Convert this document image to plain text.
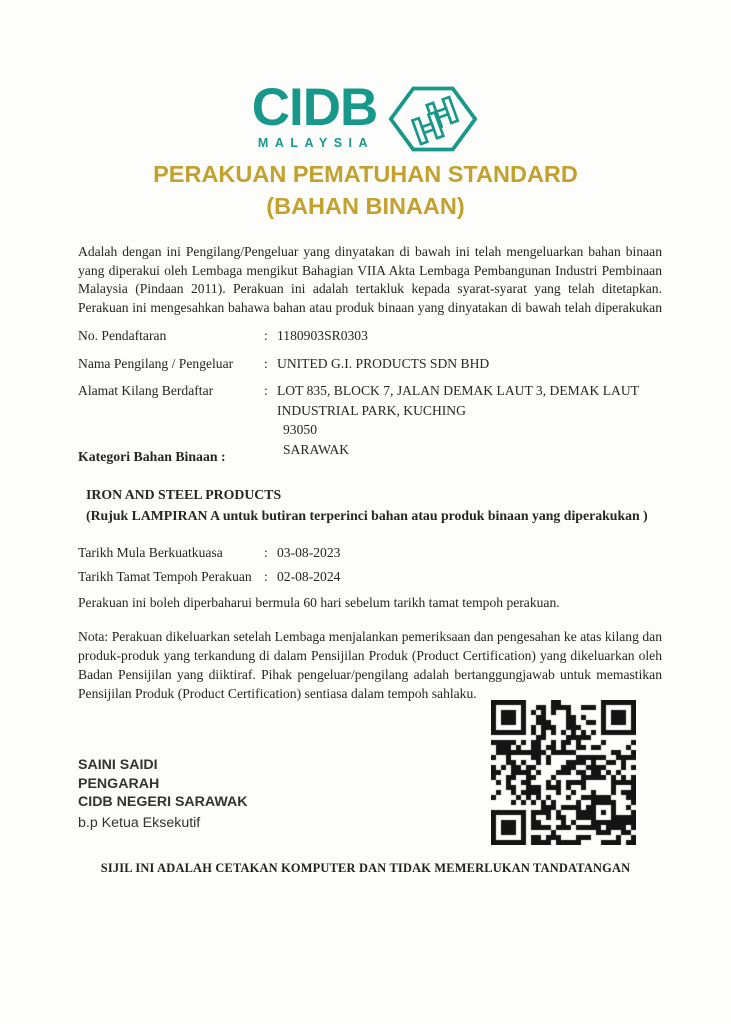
CIDB
MALAYSIA
PERAKUAN PEMATUHAN STANDARD
(BAHAN BINAAN)

Adalah dengan ini Pengilang/Pengeluar yang dinyatakan di bawah ini telah mengeluarkan bahan binaan yang diperakui oleh Lembaga mengikut Bahagian VIIA Akta Lembaga Pembangunan Industri Pembinaan Malaysia (Pindaan 2011). Perakuan ini adalah tertakluk kepada syarat-syarat yang telah ditetapkan. Perakuan ini mengesahkan bahawa bahan atau produk binaan yang dinyatakan di bawah telah diperakukan

No. Pendaftaran	: 1180903SR0303
Nama Pengilang / Pengeluar	: UNITED G.I. PRODUCTS SDN BHD
Alamat Kilang Berdaftar	: LOT 835, BLOCK 7, JALAN DEMAK LAUT 3, DEMAK LAUT
INDUSTRIAL PARK, KUCHING
93050
SARAWAK
Kategori Bahan Binaan :
IRON AND STEEL PRODUCTS
(Rujuk LAMPIRAN A untuk butiran terperinci bahan atau produk binaan yang diperakukan )
Tarikh Mula Berkuatkuasa	: 03-08-2023
Tarikh Tamat Tempoh Perakuan : 02-08-2024
Perakuan ini boleh diperbaharui bermula 60 hari sebelum tarikh tamat tempoh perakuan.

Nota: Perakuan dikeluarkan setelah Lembaga menjalankan pemeriksaan dan pengesahan ke atas kilang dan produk-produk yang terkandung di dalam Pensijilan Produk (Product Certification) yang dikeluarkan oleh Badan Pensijilan yang diiktiraf. Pihak pengeluar/pengilang adalah bertanggungjawab untuk memastikan Pensijilan Produk (Product Certification) sentiasa dalam tempoh sahlaku.

SAINI SAIDI
PENGARAH
CIDB NEGERI SARAWAK
b.p Ketua Eksekutif
SIJIL INI ADALAH CETAKAN KOMPUTER DAN TIDAK MEMERLUKAN TANDATANGAN
